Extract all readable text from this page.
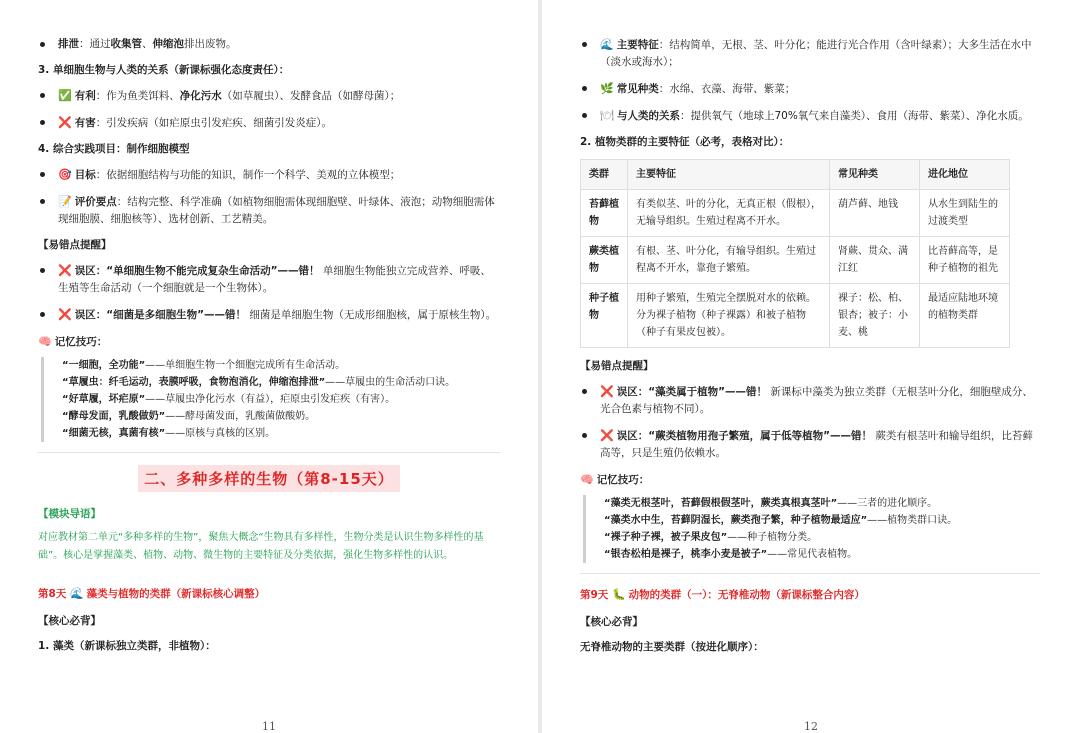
排泄：通过收集管、伸缩泡排出废物。
3. 单细胞生物与人类的关系（新课标强化态度责任）：
✅ 有利：作为鱼类饵料、净化污水（如草履虫）、发酵食品（如酵母菌）；
❌ 有害：引发疾病（如疟原虫引发疟疾、细菌引发炎症）。
4. 综合实践项目：制作细胞模型
🎯 目标：依据细胞结构与功能的知识，制作一个科学、美观的立体模型；
📝 评价要点：结构完整、科学准确（如植物细胞需体现细胞壁、叶绿体、液泡；动物细胞需体现细胞膜、细胞核等）、选材创新、工艺精美。
【易错点提醒】
❌ 误区：“单细胞生物不能完成复杂生命活动”——错！ 单细胞生物能独立完成营养、呼吸、生殖等生命活动（一个细胞就是一个生物体）。
❌ 误区：“细菌是多细胞生物”——错！ 细菌是单细胞生物（无成形细胞核，属于原核生物）。
🧠 记忆技巧：
“一细胞，全功能”——单细胞生物一个细胞完成所有生命活动。
“草履虫：纤毛运动，表膜呼吸，食物泡消化，伸缩泡排泄”——草履虫的生命活动口诀。
“好草履，坏疟原”——草履虫净化污水（有益），疟原虫引发疟疾（有害）。
“酵母发面，乳酸做奶”——酵母菌发面，乳酸菌做酸奶。
“细菌无核，真菌有核”——原核与真核的区别。
二、多种多样的生物（第8-15天）
【模块导语】
对应教材第二单元“多种多样的生物”，聚焦大概念“生物具有多样性，生物分类是认识生物多样性的基础”。核心是掌握藻类、植物、动物、微生物的主要特征及分类依据，强化生物多样性的认识。
第8天 🌊 藻类与植物的类群（新课标核心调整）
【核心必背】
1. 藻类（新课标独立类群，非植物）：
11
🌊 主要特征：结构简单，无根、茎、叶分化；能进行光合作用（含叶绿素）；大多生活在水中（淡水或海水）；
🌿 常见种类：水绵、衣藻、海带、紫菜；
🍽 与人类的关系：提供氧气（地球上70%氧气来自藻类）、食用（海带、紫菜）、净化水质。
2. 植物类群的主要特征（必考，表格对比）：
类群	主要特征	常见种类	进化地位
苔藓植物	有类似茎、叶的分化，无真正根（假根），无输导组织。生殖过程离不开水。	葫芦藓、地钱	从水生到陆生的过渡类型
蕨类植物	有根、茎、叶分化，有输导组织。生殖过程离不开水，靠孢子繁殖。	肾蕨、贯众、满江红	比苔藓高等，是种子植物的祖先
种子植物	用种子繁殖，生殖完全摆脱对水的依赖。分为裸子植物（种子裸露）和被子植物（种子有果皮包被）。	裸子：松、柏、银杏；被子：小麦、桃	最适应陆地环境的植物类群
【易错点提醒】
❌ 误区：“藻类属于植物”——错！ 新课标中藻类为独立类群（无根茎叶分化，细胞壁成分、光合色素与植物不同）。
❌ 误区：“蕨类植物用孢子繁殖，属于低等植物”——错！ 蕨类有根茎叶和输导组织，比苔藓高等，只是生殖仍依赖水。
🧠 记忆技巧：
“藻类无根茎叶，苔藓假根假茎叶，蕨类真根真茎叶”——三者的进化顺序。
“藻类水中生，苔藓阴湿长，蕨类孢子繁，种子植物最适应”——植物类群口诀。
“裸子种子裸，被子果皮包”——种子植物分类。
“银杏松柏是裸子，桃李小麦是被子”——常见代表植物。
第9天 🐛 动物的类群（一）：无脊椎动物（新课标整合内容）
【核心必背】
无脊椎动物的主要类群（按进化顺序）：
12
